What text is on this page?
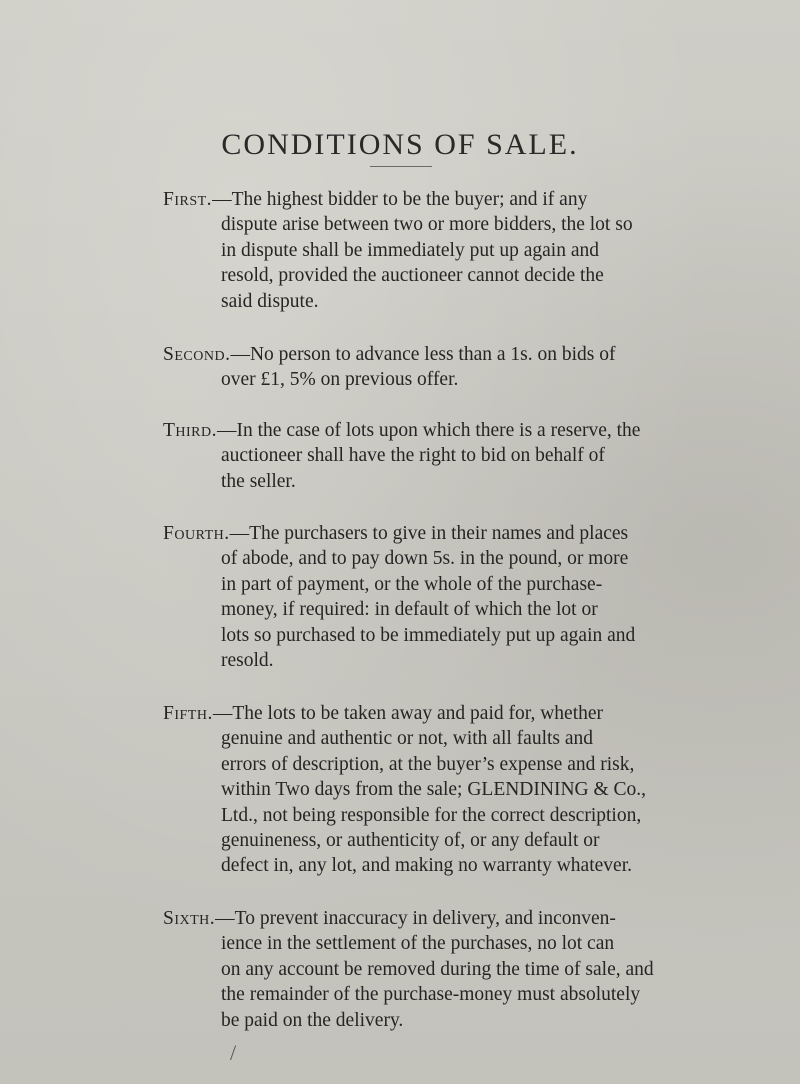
CONDITIONS OF SALE.
First.—The highest bidder to be the buyer; and if any
dispute arise between two or more bidders, the lot so
in dispute shall be immediately put up again and
resold, provided the auctioneer cannot decide the
said dispute.
Second.—No person to advance less than a 1s. on bids of
over £1, 5% on previous offer.
Third.—In the case of lots upon which there is a reserve, the
auctioneer shall have the right to bid on behalf of
the seller.
Fourth.—The purchasers to give in their names and places
of abode, and to pay down 5s. in the pound, or more
in part of payment, or the whole of the purchase-
money, if required: in default of which the lot or
lots so purchased to be immediately put up again and
resold.
Fifth.—The lots to be taken away and paid for, whether
genuine and authentic or not, with all faults and
errors of description, at the buyer’s expense and risk,
within Two days from the sale; GLENDINING & Co.,
Ltd., not being responsible for the correct description,
genuineness, or authenticity of, or any default or
defect in, any lot, and making no warranty whatever.
Sixth.—To prevent inaccuracy in delivery, and inconven-
ience in the settlement of the purchases, no lot can
on any account be removed during the time of sale, and
the remainder of the purchase-money must absolutely
be paid on the delivery.
/
